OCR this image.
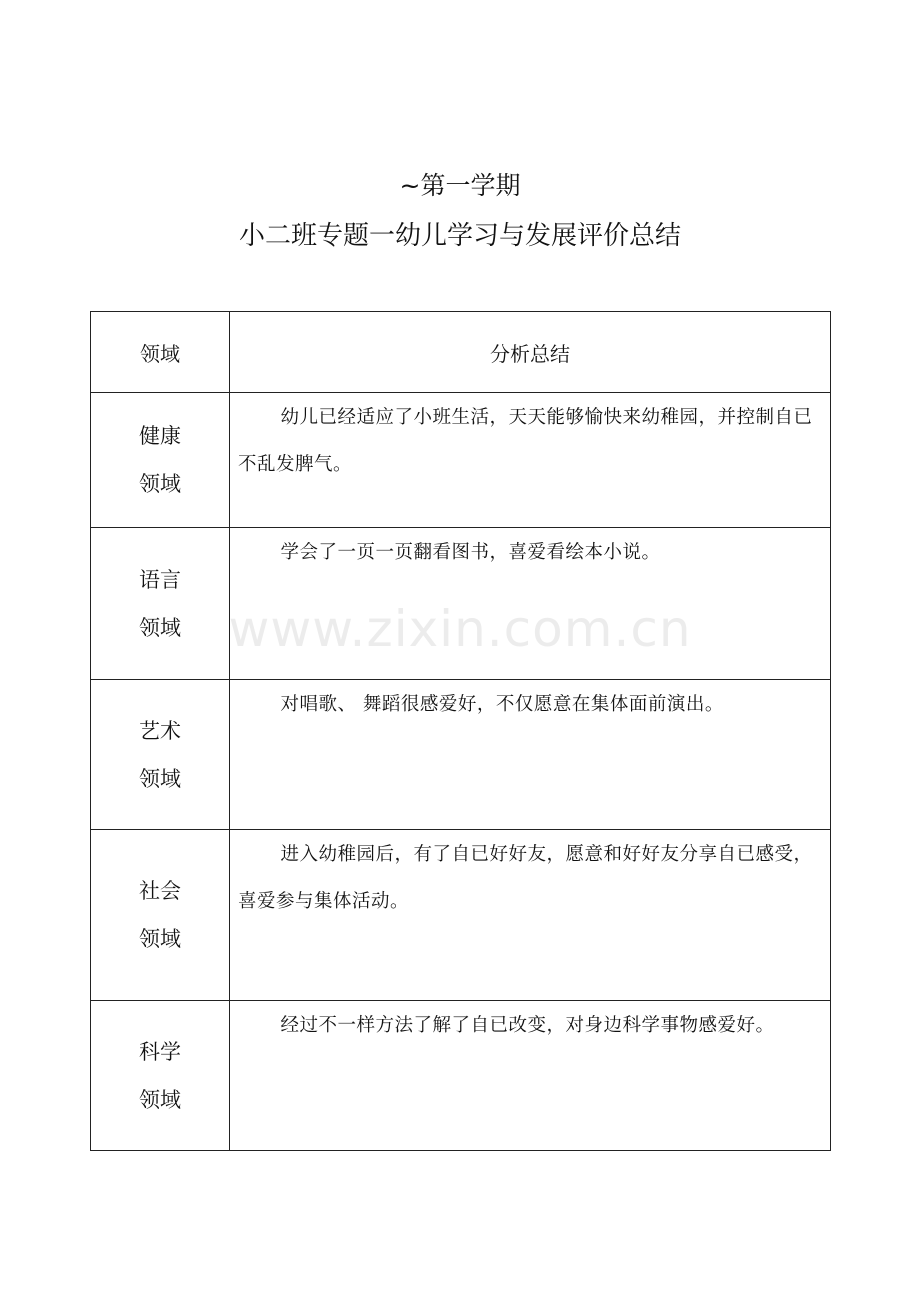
~第一学期
小二班专题一幼儿学习与发展评价总结
领域	分析总结

健康
领域	幼儿已经适应了小班生活，天天能够愉快来幼稚园，并控制自已不乱发脾气。

语言
领域	学会了一页一页翻看图书，喜爱看绘本小说。

艺术
领域	对唱歌、 舞蹈很感爱好，不仅愿意在集体面前演出。

社会
领域	进入幼稚园后，有了自已好好友，愿意和好好友分享自已感受，喜爱参与集体活动。

科学
领域	经过不一样方法了解了自已改变，对身边科学事物感爱好。
www.zixin.com.cn
